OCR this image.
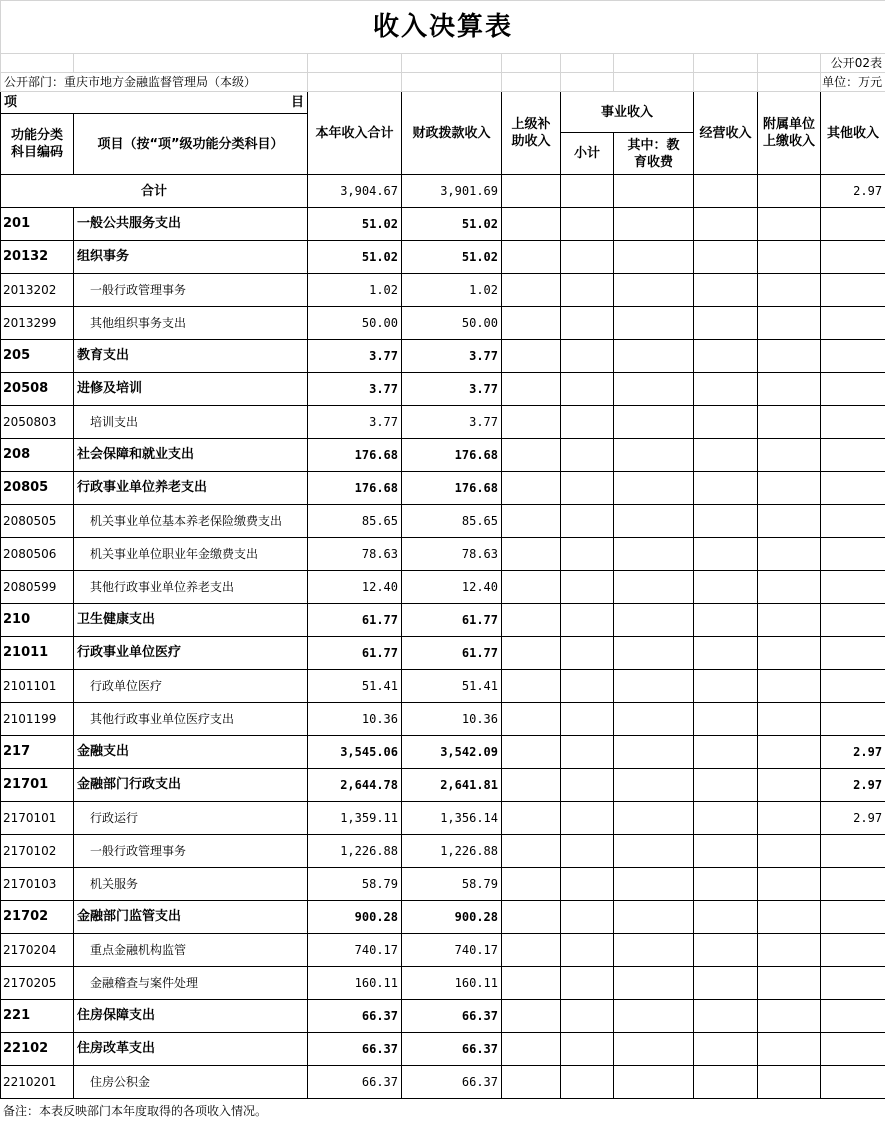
收入决算表									
									公开02表
公开部门：重庆市地方金融监督管理局（本级）									单位：万元

项 目		本年收入合计	财政拨款收入	上级补助收入	事业收入		经营收入	附属单位上缴收入	其他收入
功能分类科目编码	项目（按“项”级功能分类科目）								
					小计	其中：教育收费			
合计		3,904.67	3,901.69						2.97
201	一般公共服务支出	51.02	51.02						
20132	组织事务	51.02	51.02						
2013202	一般行政管理事务	1.02	1.02						
2013299	其他组织事务支出	50.00	50.00						
205	教育支出	3.77	3.77						
20508	进修及培训	3.77	3.77						
2050803	培训支出	3.77	3.77						
208	社会保障和就业支出	176.68	176.68						
20805	行政事业单位养老支出	176.68	176.68						
2080505	机关事业单位基本养老保险缴费支出	85.65	85.65						
2080506	机关事业单位职业年金缴费支出	78.63	78.63						
2080599	其他行政事业单位养老支出	12.40	12.40						
210	卫生健康支出	61.77	61.77						
21011	行政事业单位医疗	61.77	61.77						
2101101	行政单位医疗	51.41	51.41						
2101199	其他行政事业单位医疗支出	10.36	10.36						
217	金融支出	3,545.06	3,542.09						2.97
21701	金融部门行政支出	2,644.78	2,641.81						2.97
2170101	行政运行	1,359.11	1,356.14						2.97
2170102	一般行政管理事务	1,226.88	1,226.88						
2170103	机关服务	58.79	58.79						
21702	金融部门监管支出	900.28	900.28						
2170204	重点金融机构监管	740.17	740.17						
2170205	金融稽查与案件处理	160.11	160.11						
221	住房保障支出	66.37	66.37						
22102	住房改革支出	66.37	66.37						
2210201	住房公积金	66.37	66.37						
备注：本表反映部门本年度取得的各项收入情况。
